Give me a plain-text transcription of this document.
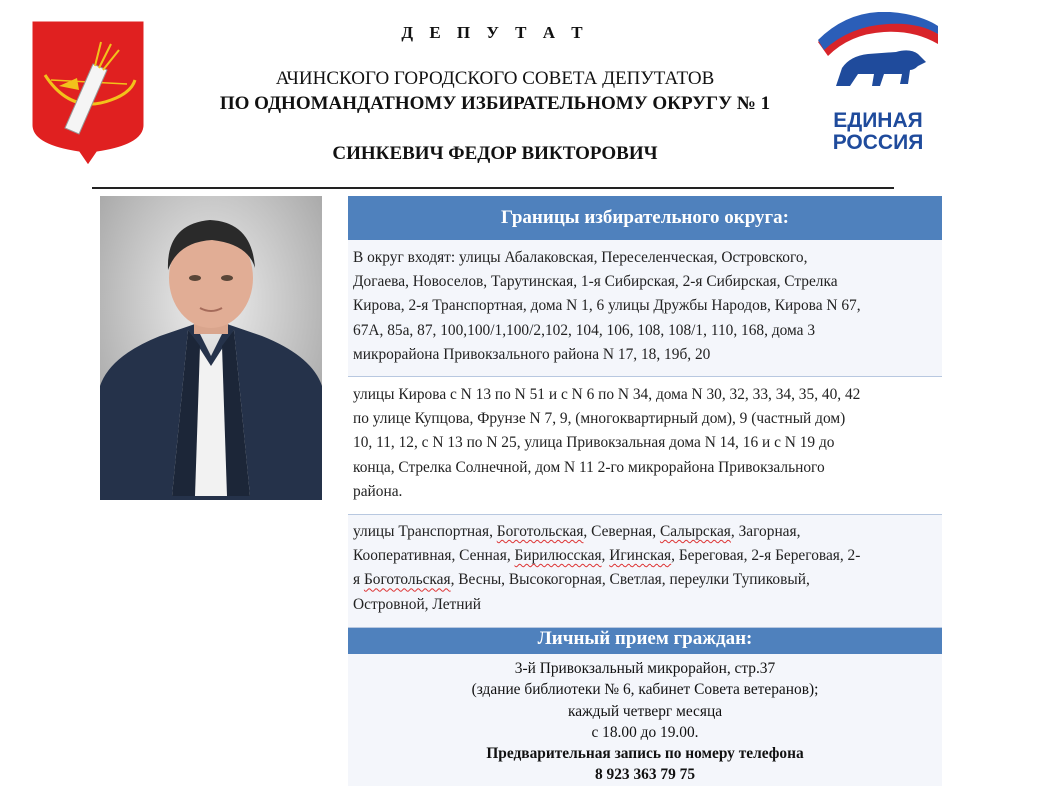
Д Е П У Т А Т
АЧИНСКОГО ГОРОДСКОГО СОВЕТА ДЕПУТАТОВ
ПО ОДНОМАНДАТНОМУ ИЗБИРАТЕЛЬНОМУ ОКРУГУ № 1
СИНКЕВИЧ ФЕДОР ВИКТОРОВИЧ
ЕДИНАЯ
РОССИЯ
Границы избирательного округа:
В округ входят: улицы Абалаковская, Переселенческая, Островского,
Догаева, Новоселов, Тарутинская, 1-я Сибирская, 2-я Сибирская, Стрелка
Кирова, 2-я Транспортная, дома N 1, 6 улицы Дружбы Народов, Кирова N 67,
67А, 85а, 87, 100,100/1,100/2,102, 104, 106, 108, 108/1, 110, 168, дома 3
микрорайона Привокзального района N 17, 18, 19б, 20
улицы Кирова с N 13 по N 51 и с N 6 по N 34, дома N 30, 32, 33, 34, 35, 40, 42
по улице Купцова, Фрунзе N 7, 9, (многоквартирный дом), 9 (частный дом)
10, 11, 12, с N 13 по N 25, улица Привокзальная дома N 14, 16 и с N 19 до
конца, Стрелка Солнечной, дом N 11 2-го микрорайона Привокзального
района.
улицы Транспортная, Боготольская, Северная, Салырская, Загорная,
Кооперативная, Сенная, Бирилюсская, Игинская, Береговая, 2-я Береговая, 2-
я Боготольская, Весны, Высокогорная, Светлая, переулки Тупиковый,
Островной, Летний
Личный прием граждан:
3-й Привокзальный микрорайон, стр.37
(здание библиотеки № 6, кабинет Совета ветеранов);
каждый четверг месяца
с 18.00 до 19.00.
Предварительная запись по номеру телефона
8 923 363 79 75
